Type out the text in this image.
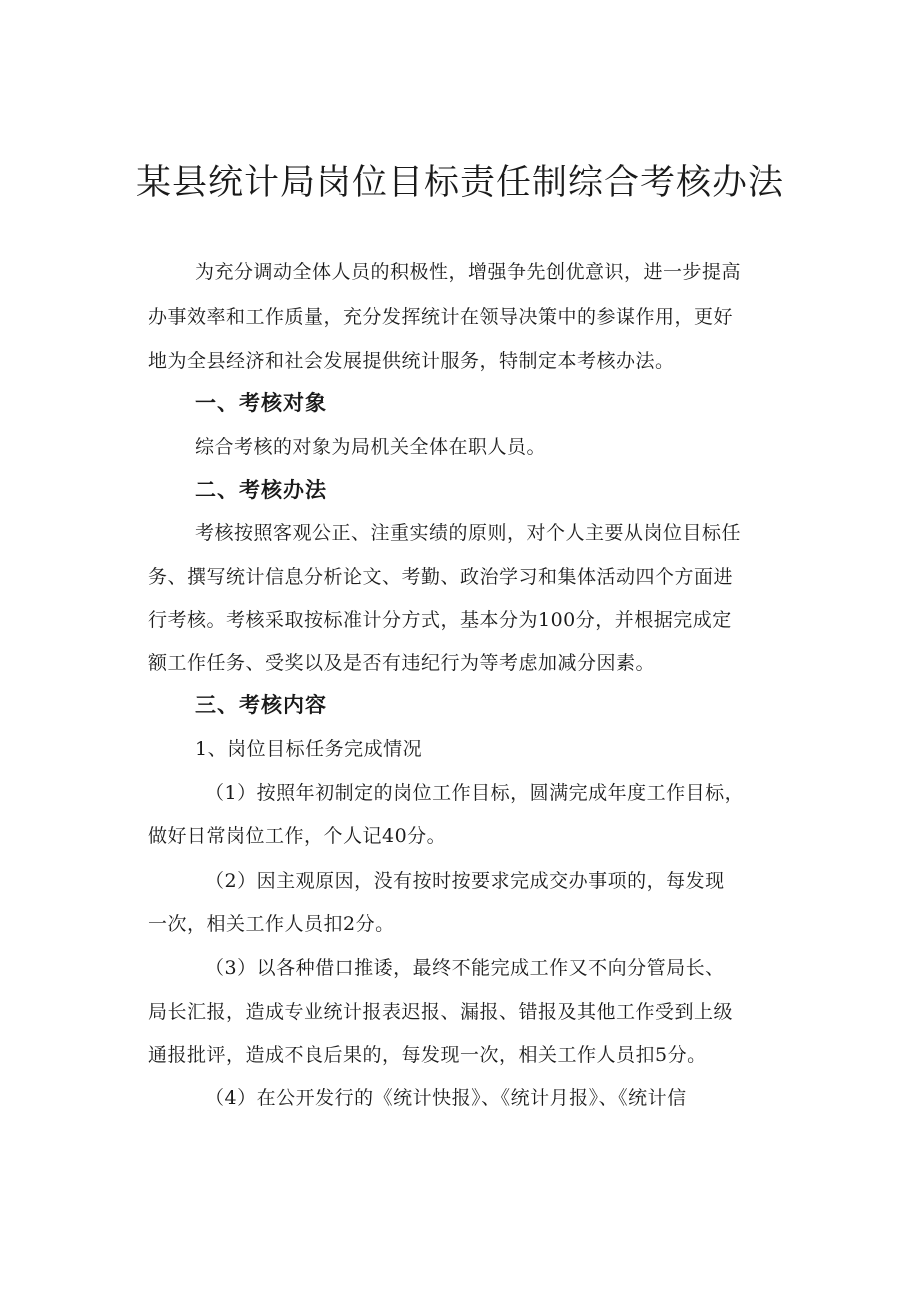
某县统计局岗位目标责任制综合考核办法
为充分调动全体人员的积极性，增强争先创优意识，进一步提高
办事效率和工作质量，充分发挥统计在领导决策中的参谋作用，更好
地为全县经济和社会发展提供统计服务，特制定本考核办法。
一、考核对象
综合考核的对象为局机关全体在职人员。
二、考核办法
考核按照客观公正、注重实绩的原则，对个人主要从岗位目标任
务、撰写统计信息分析论文、考勤、政治学习和集体活动四个方面进
行考核。考核采取按标准计分方式，基本分为100分，并根据完成定
额工作任务、受奖以及是否有违纪行为等考虑加减分因素。
三、考核内容
1、岗位目标任务完成情况
（1）按照年初制定的岗位工作目标，圆满完成年度工作目标，
做好日常岗位工作，个人记40分。
（2）因主观原因，没有按时按要求完成交办事项的，每发现
一次，相关工作人员扣2分。
（3）以各种借口推诿，最终不能完成工作又不向分管局长、
局长汇报，造成专业统计报表迟报、漏报、错报及其他工作受到上级
通报批评，造成不良后果的，每发现一次，相关工作人员扣5分。
（4）在公开发行的《统计快报》、《统计月报》、《统计信
